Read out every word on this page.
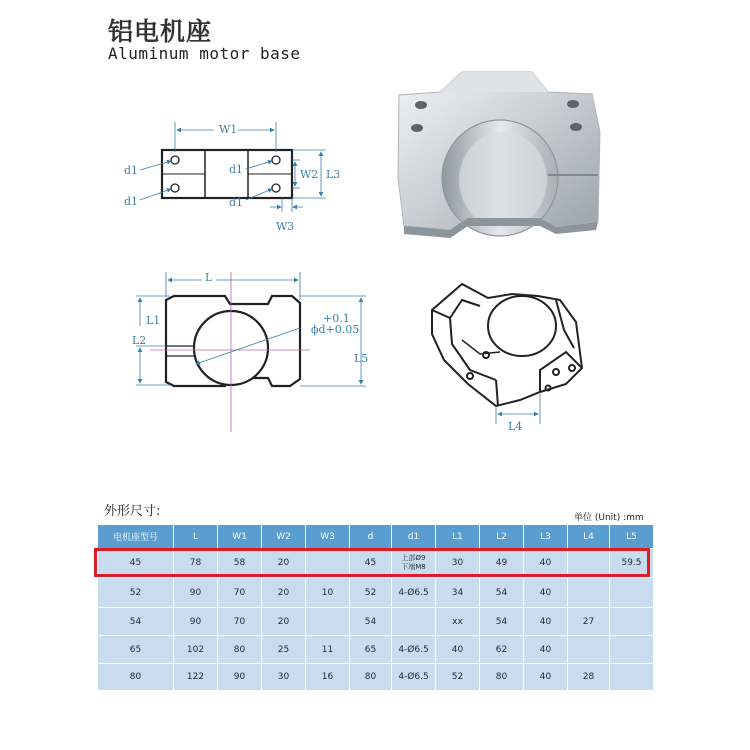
铝电机座
Aluminum motor base
W1
d1
d1
d1
d1
W2 L3
W3
L
L1
L2
+0.1
ϕd+0.05
L5
L4
外形尺寸:	单位 (Unit) :mm
电机座型号	L	W1	W2	W3	d	d1	L1	L2	L3	L4	L5
45	78	58	20		45	上部Ø9
下端M8	30	49	40		59.5
52	90	70	20	10	52	4-Ø6.5	34	54	40		
54	90	70	20		54		xx	54	40	27	
65	102	80	25	11	65	4-Ø6.5	40	62	40		
80	122	90	30	16	80	4-Ø6.5	52	80	40	28	
